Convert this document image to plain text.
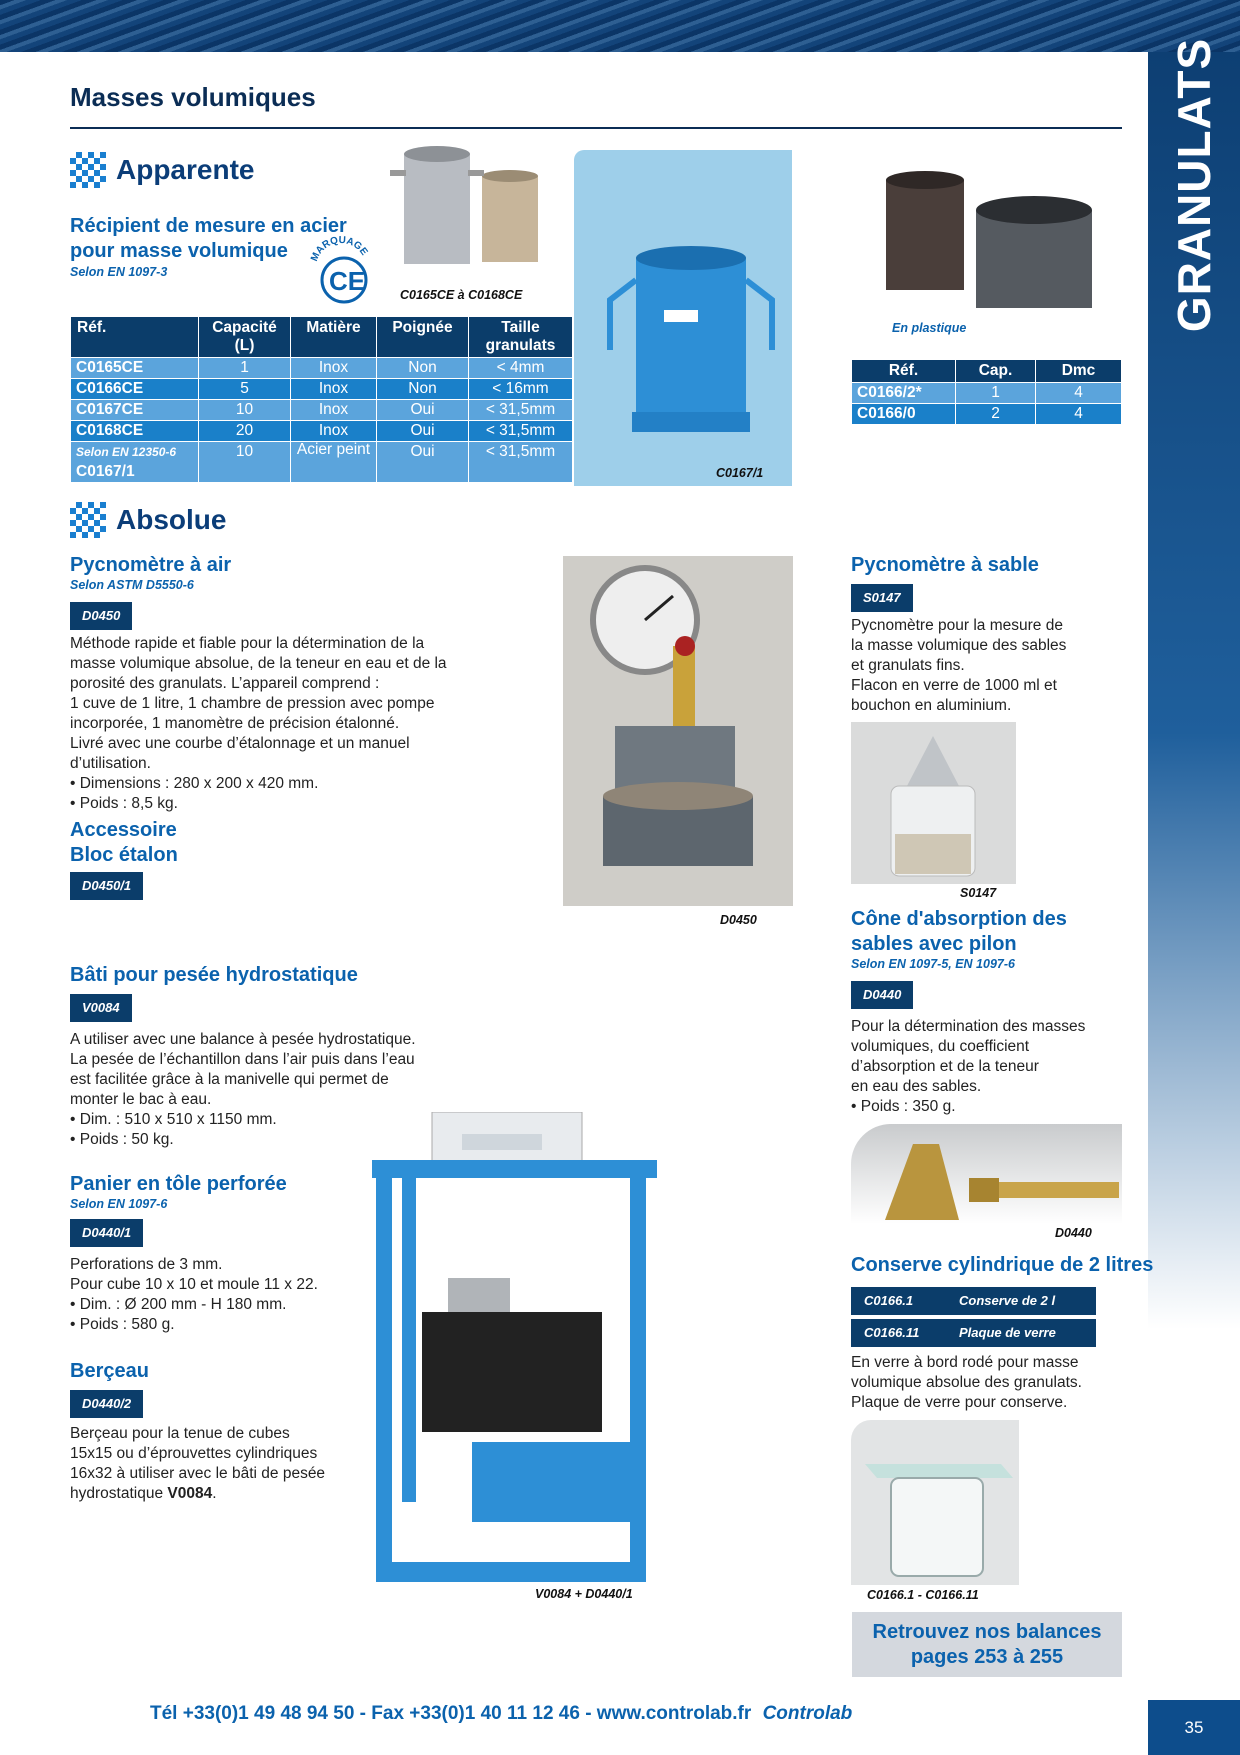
GRANULATS
Masses volumiques
Apparente
Récipient de mesure en acier
pour masse volumique
Selon EN 1097-3
MARQUAGE
CE	C0165CE à C0168CE
C0167/1
Réf.	Capacité (L)	Matière	Poignée	Taille granulats
C0165CE	1	Inox	Non	< 4mm
C0166CE	5	Inox	Non	< 16mm
C0167CE	10	Inox	Oui	< 31,5mm
C0168CE	20	Inox	Oui	< 31,5mm

Selon EN 12350-6
C0167/1	10	Acier peint	Oui	< 31,5mm
En plastique
Réf.	Cap.	Dmc
C0166/2*	1	4
C0166/0	2	4
Absolue
Pycnomètre à air
Selon ASTM D5550-6
D0450
Méthode rapide et fiable pour la détermination de la
masse volumique absolue, de la teneur en eau et de la
porosité des granulats. L’appareil comprend :
1 cuve de 1 litre, 1 chambre de pression avec pompe
incorporée, 1 manomètre de précision étalonné.
Livré avec une courbe d’étalonnage et un manuel
d’utilisation.
• Dimensions : 280 x 200 x 420 mm.
• Poids : 8,5 kg.
D0450
Accessoire
Bloc étalon
D0450/1
Pycnomètre à sable
S0147
Pycnomètre pour la mesure de
la masse volumique des sables
et granulats fins.
Flacon en verre de 1000 ml et
bouchon en aluminium.
S0147
Cône d'absorption des
sables avec pilon
Selon EN 1097-5, EN 1097-6
D0440
Pour la détermination des masses
volumiques, du coefficient
d’absorption et de la teneur
en eau des sables.
• Poids : 350 g.
D0440
Bâti pour pesée hydrostatique
V0084
A utiliser avec une balance à pesée hydrostatique.
La pesée de l’échantillon dans l’air puis dans l’eau
est facilitée grâce à la manivelle qui permet de
monter le bac à eau.
• Dim. : 510 x 510 x 1150 mm.
• Poids : 50 kg.
Panier en tôle perforée
Selon EN 1097-6
D0440/1
Perforations de 3 mm.
Pour cube 10 x 10 et moule 11 x 22.
• Dim. : Ø 200 mm - H 180 mm.
• Poids : 580 g.
Berçeau
D0440/2
Berçeau pour la tenue de cubes
15x15 ou d’éprouvettes cylindriques
16x32 à utiliser avec le bâti de pesée
hydrostatique V0084.
V0084 + D0440/1
Conserve cylindrique de 2 litres
C0166.1	Conserve de 2 l
C0166.11	Plaque de verre
En verre à bord rodé pour masse
volumique absolue des granulats.
Plaque de verre pour conserve.
C0166.1 - C0166.11
Retrouvez nos balances
pages 253 à 255
Tél +33(0)1 49 48 94 50 - Fax +33(0)1 40 11 12 46 - www.controlab.fr Controlab
35
